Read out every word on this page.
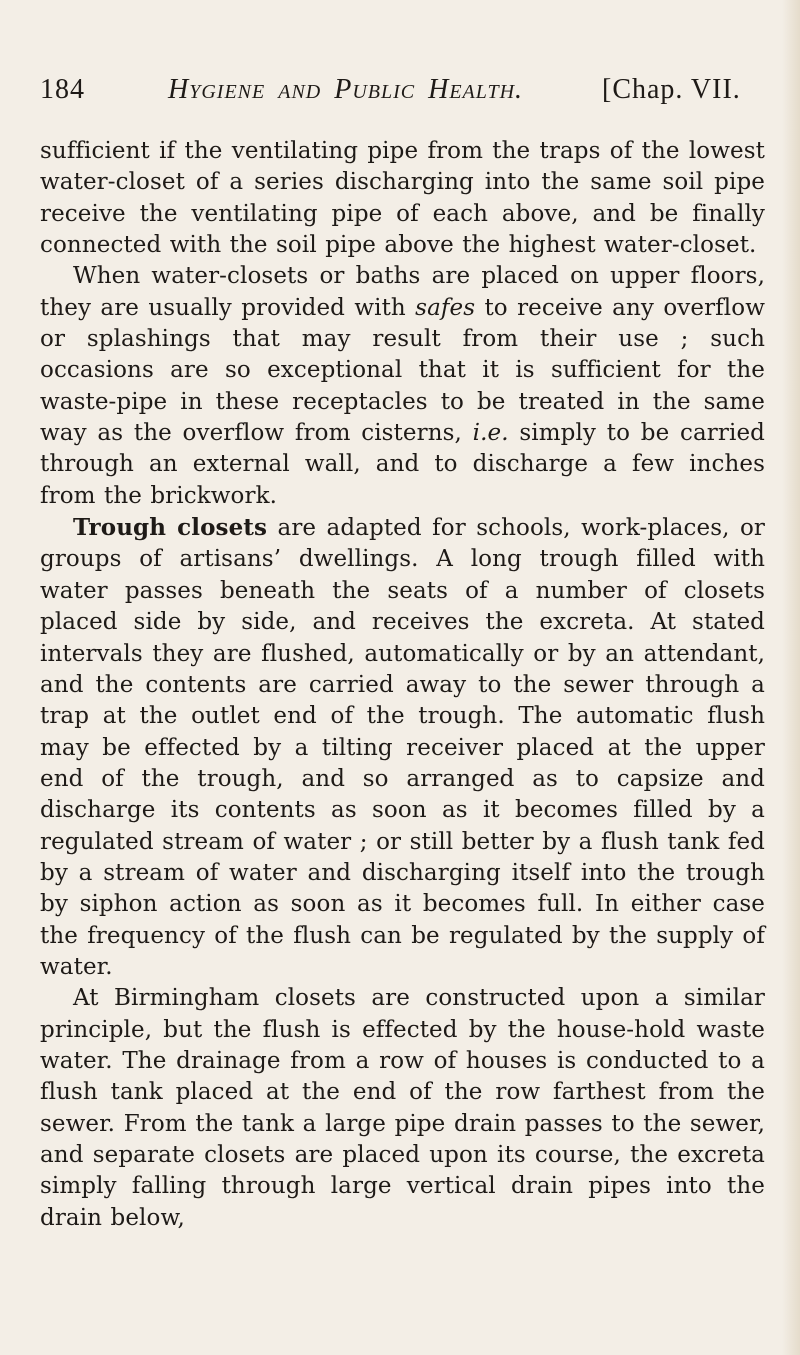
184	Hygiene and Public Health.	[Chap. VII.

sufficient if the ventilating pipe from the traps of the lowest water-closet of a series discharging into the same soil pipe receive the ventilating pipe of each above, and be finally connected with the soil pipe above the highest water-closet.

When water-closets or baths are placed on upper floors, they are usually provided with safes to receive any overflow or splashings that may result from their use ; such occasions are so exceptional that it is sufficient for the waste-pipe in these receptacles to be treated in the same way as the overflow from cisterns, i.e. simply to be carried through an external wall, and to discharge a few inches from the brickwork.

Trough closets are adapted for schools, work-places, or groups of artisans’ dwellings. A long trough filled with water passes beneath the seats of a number of closets placed side by side, and receives the excreta. At stated intervals they are flushed, automatically or by an attendant, and the contents are carried away to the sewer through a trap at the outlet end of the trough. The automatic flush may be effected by a tilting receiver placed at the upper end of the trough, and so arranged as to capsize and discharge its contents as soon as it becomes filled by a regulated stream of water ; or still better by a flush tank fed by a stream of water and discharging itself into the trough by siphon action as soon as it becomes full. In either case the frequency of the flush can be regulated by the supply of water.

At Birmingham closets are constructed upon a similar principle, but the flush is effected by the house-hold waste water. The drainage from a row of houses is conducted to a flush tank placed at the end of the row farthest from the sewer. From the tank a large pipe drain passes to the sewer, and separate closets are placed upon its course, the excreta simply falling through large vertical drain pipes into the drain below,
